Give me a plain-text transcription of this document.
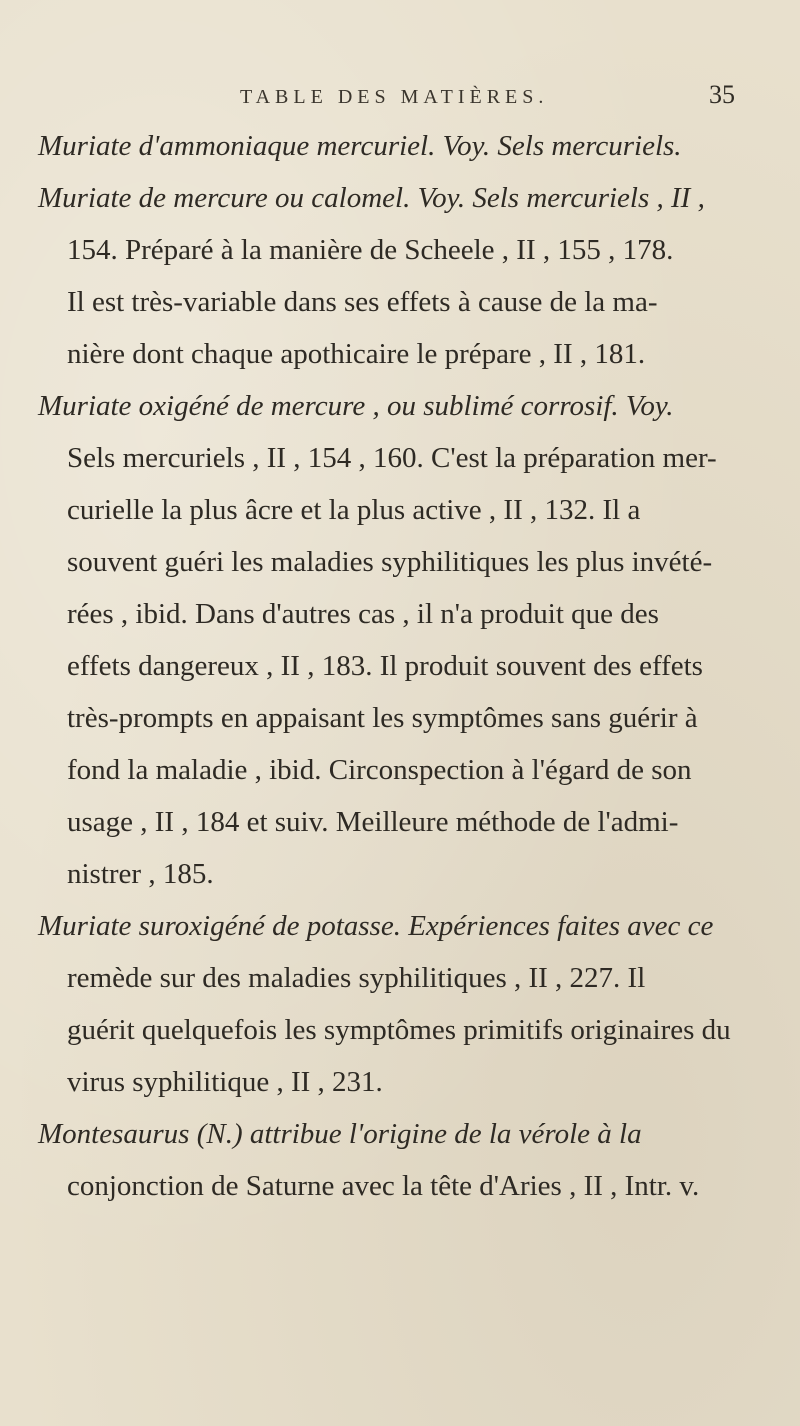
TABLE DES MATIÈRES.	35
Muriate d'ammoniaque mercuriel. Voy. Sels mercuriels.
Muriate de mercure ou calomel. Voy. Sels mercuriels , II ,
154. Préparé à la manière de Scheele , II , 155 , 178.
Il est très-variable dans ses effets à cause de la ma-
nière dont chaque apothicaire le prépare , II , 181.
Muriate oxigéné de mercure , ou sublimé corrosif. Voy.
Sels mercuriels , II , 154 , 160. C'est la préparation mer-
curielle la plus âcre et la plus active , II , 132. Il a
souvent guéri les maladies syphilitiques les plus invété-
rées , ibid. Dans d'autres cas , il n'a produit que des
effets dangereux , II , 183. Il produit souvent des effets
très-prompts en appaisant les symptômes sans guérir à
fond la maladie , ibid. Circonspection à l'égard de son
usage , II , 184 et suiv. Meilleure méthode de l'admi-
nistrer , 185.
Muriate suroxigéné de potasse. Expériences faites avec ce
remède sur des maladies syphilitiques , II , 227. Il
guérit quelquefois les symptômes primitifs originaires du
virus syphilitique , II , 231.
Montesaurus (N.) attribue l'origine de la vérole à la
conjonction de Saturne avec la tête d'Aries , II , Intr. v.
